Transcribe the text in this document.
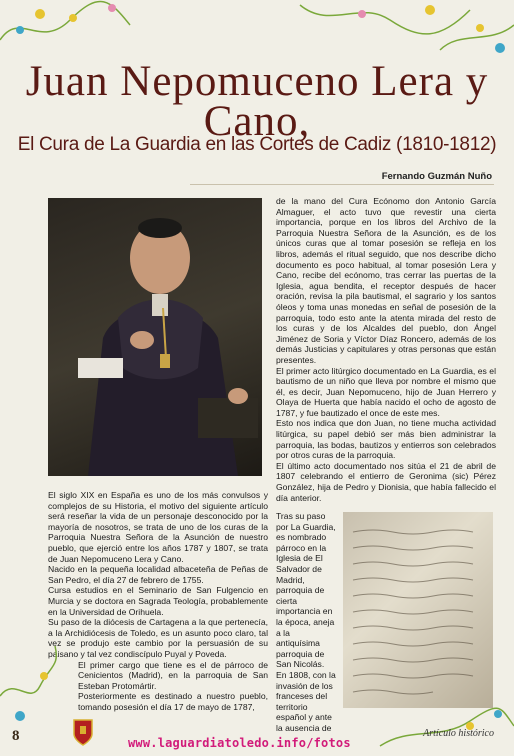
Juan Nepomuceno Lera y Cano,
El Cura de La Guardia en las Cortes de Cadiz (1810-1812)
Fernando Guzmán Nuño

El siglo XIX en España es uno de los más convulsos y complejos de su Historia, el motivo del siguiente artículo será reseñar la vida de un personaje desconocido por la mayoría de nosotros, se trata de uno de los curas de la Parroquia Nuestra Señora de la Asunción de nuestro pueblo, que ejerció entre los años 1787 y 1807, se trata de Juan Nepomuceno Lera y Cano.

Nacido en la pequeña localidad albaceteña de Peñas de San Pedro, el día 27 de febrero de 1755.

Cursa estudios en el Seminario de San Fulgencio en Murcia y se doctora en Sagrada Teología, probablemente en la Universidad de Orihuela.

Su paso de la diócesis de Cartagena a la que pertenecía, a la Archidiócesis de Toledo, es un asunto poco claro, tal vez se produjo este cambio por la persuasión de su paisano y tal vez condiscípulo Puyal y Poveda.

El primer cargo que tiene es el de párroco de Cenicientos (Madrid), en la parroquia de San Esteban Protomártir.

Posteriormente es destinado a nuestro pueblo, tomando posesión el día 17 de mayo de 1787,

de la mano del Cura Ecónomo don Antonio García Almaguer, el acto tuvo que revestir una cierta importancia, porque en los libros del Archivo de la Parroquia Nuestra Señora de la Asunción, es de los únicos curas que al tomar posesión se refleja en los libros, además el ritual seguido, que nos describe dicho documento es poco habitual, al tomar posesión Lera y Cano, recibe del ecónomo, tras cerrar las puertas de la Iglesia, agua bendita, el receptor después de hacer oración, revisa la pila bautismal, el sagrario y los santos óleos y toma unas monedas en señal de posesión de la parroquia, todo esto ante la atenta mirada del resto de los curas y de los Alcaldes del pueblo, don Ángel Jiménez de Soria y Víctor Díaz Roncero, además de los demás Justicias y capitulares y otras personas que están presentes.

El primer acto litúrgico documentado en La Guardia, es el bautismo de un niño que lleva por nombre el mismo que él, es decir, Juan Nepomuceno, hijo de Juan Herrero y Olaya de Huerta que había nacido el ocho de agosto de 1787, y fue bautizado el once de este mes.

Esto nos indica que don Juan, no tiene mucha actividad litúrgica, su papel debió ser más bien administrar la parroquia, las bodas, bautizos y entierros son celebrados por otros curas de la parroquia.

El último acto documentado nos sitúa el 21 de abril de 1807 celebrando el entierro de Geronima (sic) Pérez González, hija de Pedro y Dionisia, que había fallecido el día anterior.

Tras su paso por La Guardia, es nombrado párroco en la Iglesia de El Salvador de Madrid, parroquia de cierta importancia en la época, aneja a la antiquísima parroquia de San Nicolás. En 1808, con la invasión de los franceses del territorio español y ante la ausencia de

8	www.laguardiatoledo.info/fotos
Artículo histórico
